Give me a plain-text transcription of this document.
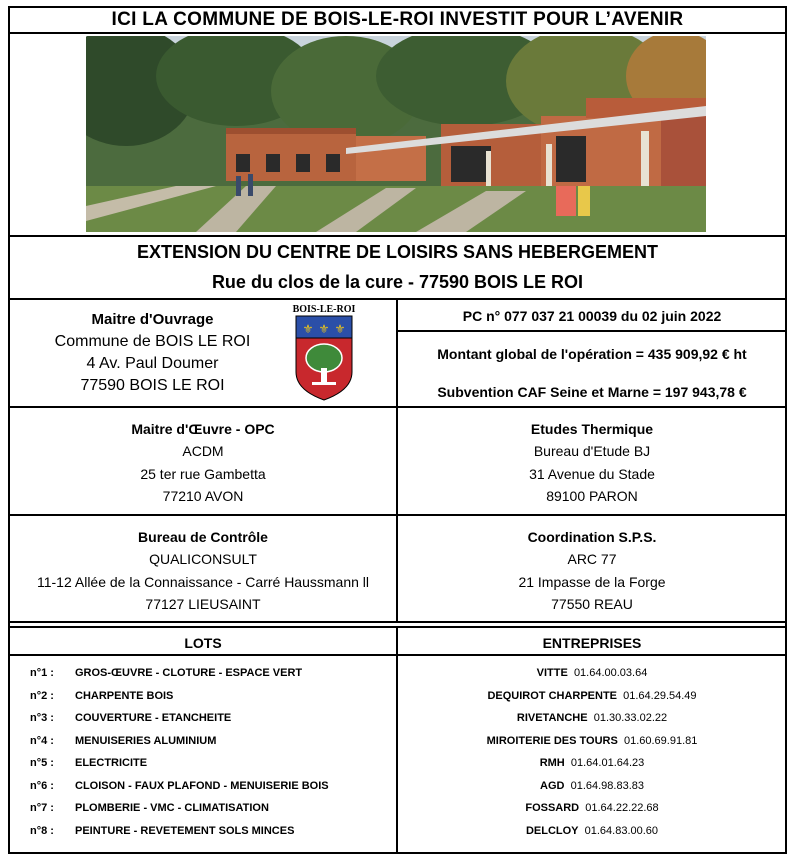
ICI LA COMMUNE DE BOIS-LE-ROI INVESTIT POUR L’AVENIR
EXTENSION DU CENTRE DE LOISIRS SANS HEBERGEMENT
Rue du clos de la cure - 77590 BOIS LE ROI
Maitre d'Ouvrage
Commune de BOIS LE ROI
4 Av. Paul Doumer
77590 BOIS LE ROI
BOIS-LE-ROI
⚜ ⚜ ⚜
PC n° 077 037 21 00039 du 02 juin 2022
Montant global de l'opération = 435 909,92 € ht
Subvention CAF Seine et Marne = 197 943,78 €
Maitre d'Œuvre - OPC
ACDM
25 ter rue Gambetta
77210 AVON
Etudes Thermique
Bureau d'Etude BJ
31 Avenue du Stade
89100 PARON
Bureau de Contrôle
QUALICONSULT
11-12 Allée de la Connaissance - Carré Haussmann ll
77127 LIEUSAINT
Coordination S.P.S.
ARC 77
21 Impasse de la Forge
77550 REAU
LOTS	ENTREPRISES
n°1 : GROS-ŒUVRE - CLOTURE - ESPACE VERT	VITTE 01.64.00.03.64
n°2 : CHARPENTE BOIS	DEQUIROT CHARPENTE 01.64.29.54.49
n°3 : COUVERTURE - ETANCHEITE	RIVETANCHE 01.30.33.02.22
n°4 : MENUISERIES ALUMINIUM	MIROITERIE DES TOURS 01.60.69.91.81
n°5 : ELECTRICITE	RMH 01.64.01.64.23
n°6 : CLOISON - FAUX PLAFOND - MENUISERIE BOIS	AGD 01.64.98.83.83
n°7 : PLOMBERIE - VMC - CLIMATISATION	FOSSARD 01.64.22.22.68
n°8 : PEINTURE - REVETEMENT SOLS MINCES	DELCLOY 01.64.83.00.60
